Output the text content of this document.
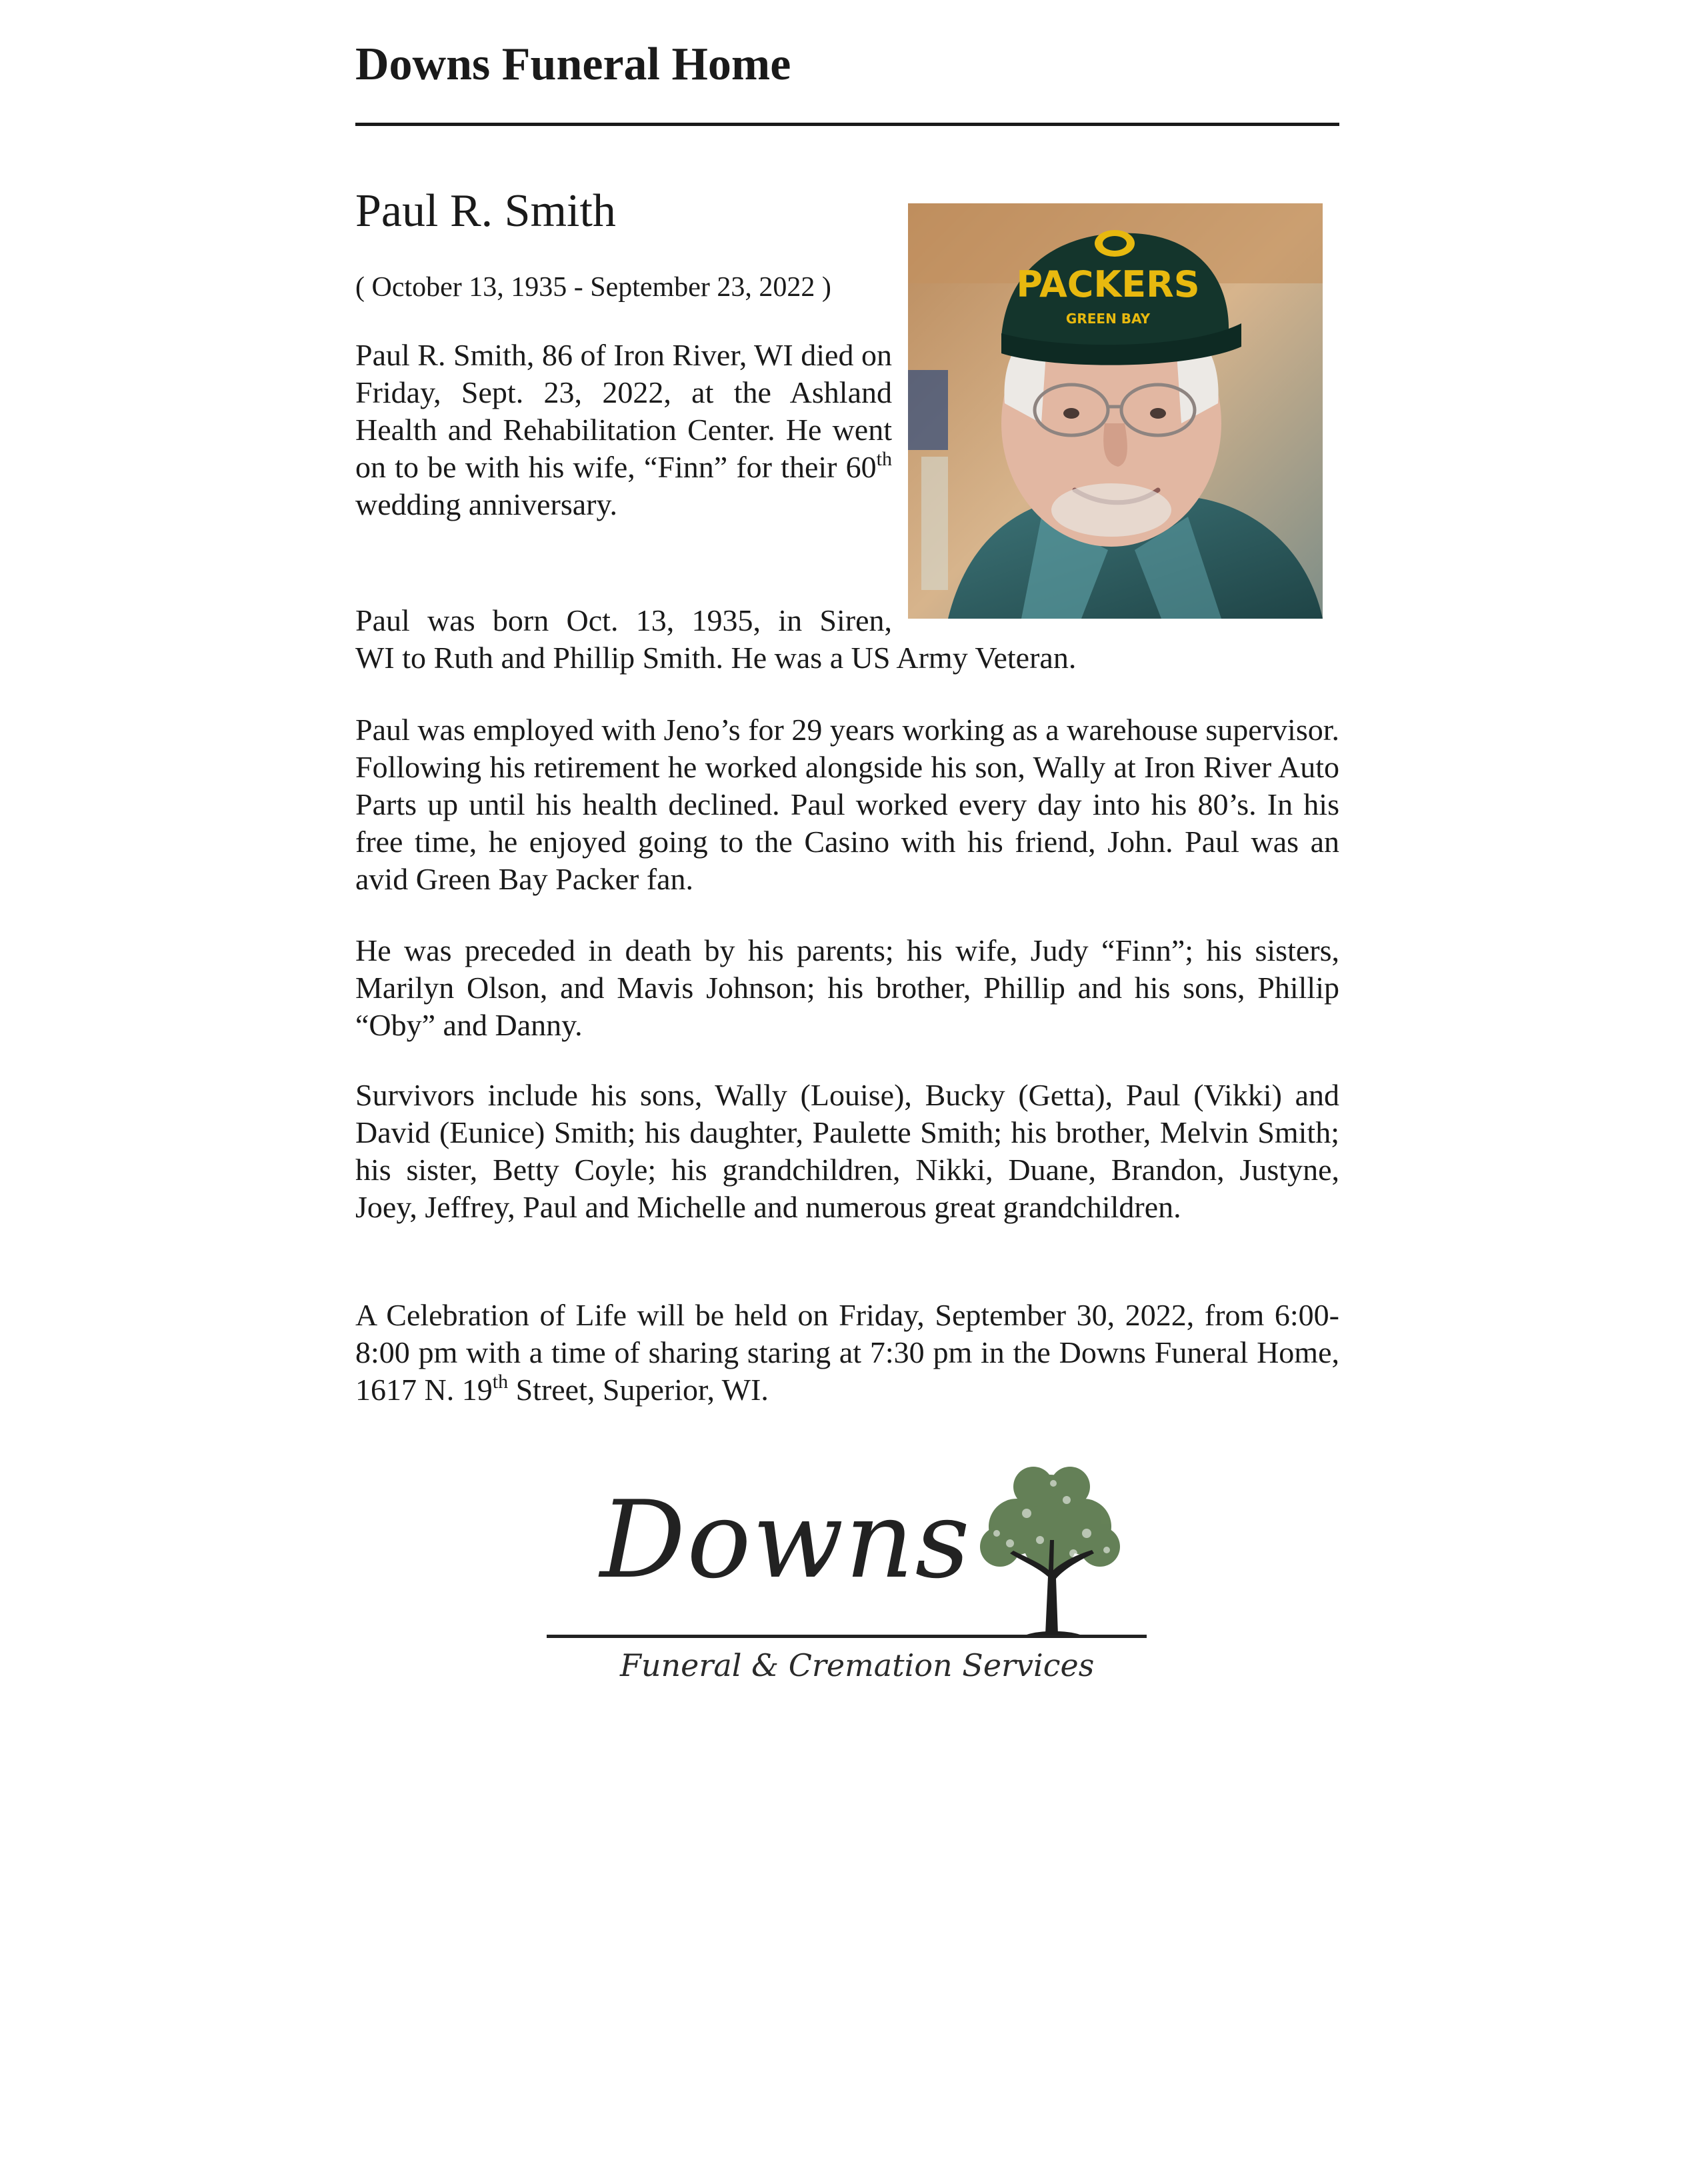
Downs Funeral Home
Paul R. Smith
( October 13, 1935 - September 23, 2022 )	PACKERS
GREEN BAY

Paul R. Smith, 86 of Iron River, WI died on Friday, Sept. 23, 2022, at the Ashland Health and Rehabilitation Center. He went on to be with his wife, “Finn” for their 60th wedding anniversary.

Paul was born Oct. 13, 1935, in Siren,
WI to Ruth and Phillip Smith. He was a US Army Veteran.

Paul was employed with Jeno’s for 29 years working as a warehouse supervisor. Following his retirement he worked alongside his son, Wally at Iron River Auto Parts up until his health declined. Paul worked every day into his 80’s. In his free time, he enjoyed going to the Casino with his friend, John. Paul was an avid Green Bay Packer fan.

He was preceded in death by his parents; his wife, Judy “Finn”; his sisters, Marilyn Olson, and Mavis Johnson; his brother, Phillip and his sons, Phillip “Oby” and Danny.

Survivors include his sons, Wally (Louise), Bucky (Getta), Paul (Vikki) and David (Eunice) Smith; his daughter, Paulette Smith; his brother, Melvin Smith; his sister, Betty Coyle; his grandchildren, Nikki, Duane, Brandon, Justyne, Joey, Jeffrey, Paul and Michelle and numerous great grandchildren.

A Celebration of Life will be held on Friday, September 30, 2022, from 6:00-8:00 pm with a time of sharing staring at 7:30 pm in the Downs Funeral Home, 1617 N. 19th Street, Superior, WI.

Downs
Funeral & Cremation Services
